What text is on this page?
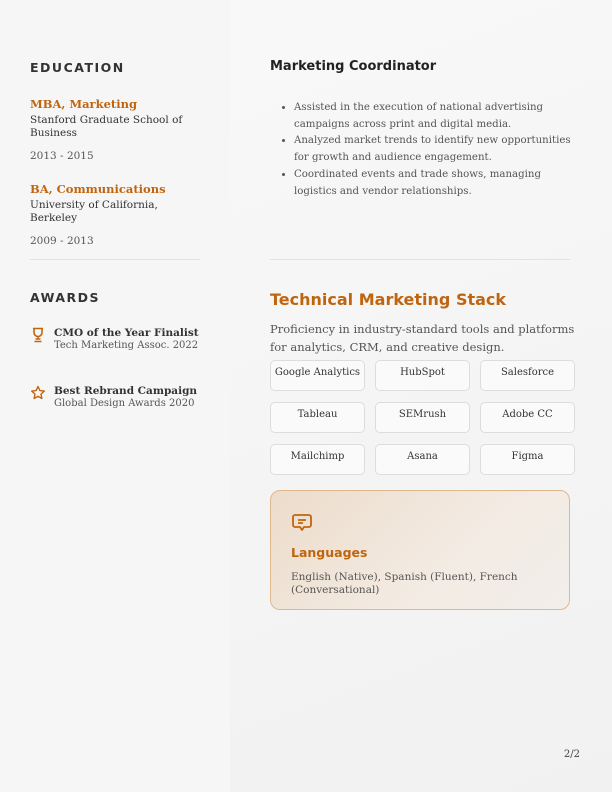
EDUCATION
MBA, Marketing
Stanford Graduate School of Business
2013 - 2015
BA, Communications
University of California, Berkeley
2009 - 2013
AWARDS
CMO of the Year Finalist
Tech Marketing Assoc. 2022
Best Rebrand Campaign
Global Design Awards 2020
Marketing Coordinator
• Assisted in the execution of national advertising campaigns across print and digital media.
• Analyzed market trends to identify new opportunities for growth and audience engagement.
• Coordinated events and trade shows, managing logistics and vendor relationships.
Technical Marketing Stack
Proficiency in industry-standard tools and platforms for analytics, CRM, and creative design.
Google Analytics	HubSpot	Salesforce
Tableau	SEMrush	Adobe CC
Mailchimp	Asana	Figma
Languages
English (Native), Spanish (Fluent), French (Conversational)
2/2
